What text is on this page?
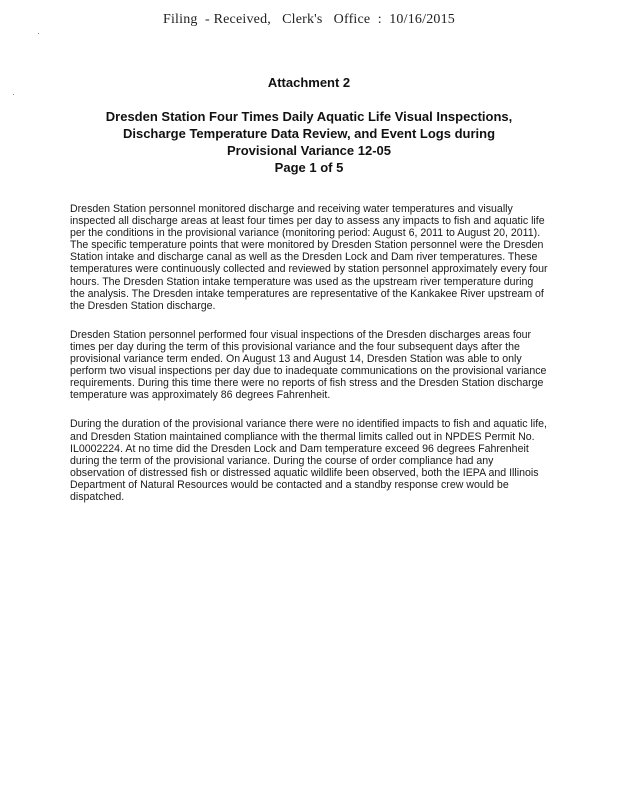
Filing  - Received,   Clerk's   Office  :  10/16/2015
Attachment 2
Dresden Station Four Times Daily Aquatic Life Visual Inspections,
Discharge Temperature Data Review, and Event Logs during
Provisional Variance 12-05
Page 1 of 5

Dresden Station personnel monitored discharge and receiving water temperatures and visually inspected all discharge areas at least four times per day to assess any impacts to fish and aquatic life per the conditions in the provisional variance (monitoring period: August 6, 2011 to August 20, 2011). The specific temperature points that were monitored by Dresden Station personnel were the Dresden Station intake and discharge canal as well as the Dresden Lock and Dam river temperatures. These temperatures were continuously collected and reviewed by station personnel approximately every four hours. The Dresden Station intake temperature was used as the upstream river temperature during the analysis. The Dresden intake temperatures are representative of the Kankakee River upstream of the Dresden Station discharge.

Dresden Station personnel performed four visual inspections of the Dresden discharges areas four times per day during the term of this provisional variance and the four subsequent days after the provisional variance term ended. On August 13 and August 14, Dresden Station was able to only perform two visual inspections per day due to inadequate communications on the provisional variance requirements. During this time there were no reports of fish stress and the Dresden Station discharge temperature was approximately 86 degrees Fahrenheit.

During the duration of the provisional variance there were no identified impacts to fish and aquatic life, and Dresden Station maintained compliance with the thermal limits called out in NPDES Permit No. IL0002224. At no time did the Dresden Lock and Dam temperature exceed 96 degrees Fahrenheit during the term of the provisional variance. During the course of order compliance had any observation of distressed fish or distressed aquatic wildlife been observed, both the IEPA and Illinois Department of Natural Resources would be contacted and a standby response crew would be dispatched.
